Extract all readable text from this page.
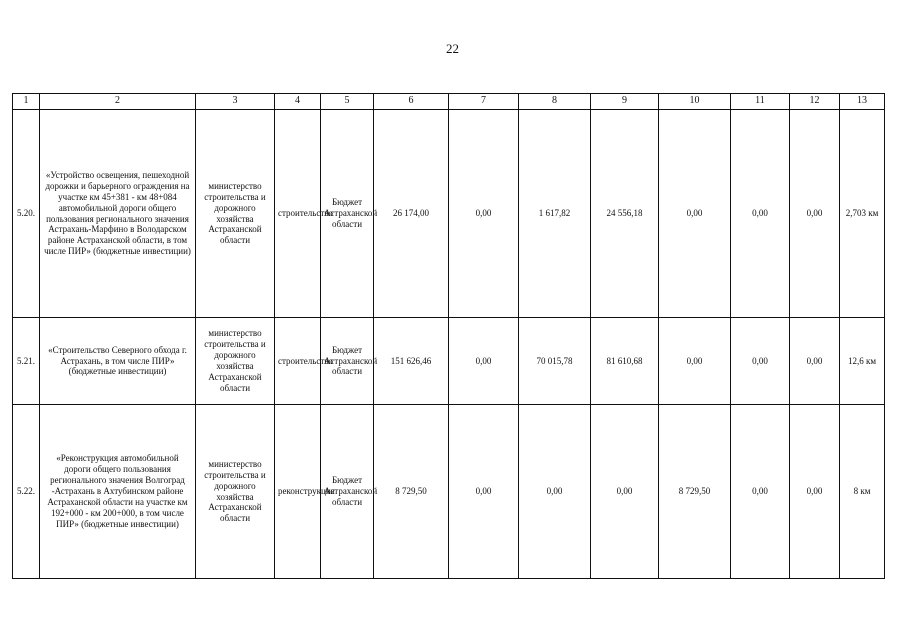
22
1	2	3	4	5	6	7	8	9	10	11	12	13
5.20.	«Устройство освещения, пешеходной дорожки и барьерного ограждения на участке км 45+381 - км 48+084 автомобильной дороги общего пользования регионального значения Астрахань-Марфино в Володарском районе Астраханской области, в том числе ПИР» (бюджетные инвестиции)	министерство строительства и дорожного хозяйства Астраханской области	строительство	Бюджет Астраханской области	26 174,00	0,00	1 617,82	24 556,18	0,00	0,00	0,00	2,703 км
5.21.	«Строительство Северного обхода г. Астрахань, в том числе ПИР» (бюджетные инвестиции)	министерство строительства и дорожного хозяйства Астраханской области	строительство	Бюджет Астраханской области	151 626,46	0,00	70 015,78	81 610,68	0,00	0,00	0,00	12,6 км
5.22.	«Реконструкция автомобильной дороги общего пользования регионального значения Волгоград -Астрахань в Ахтубинском районе Астраханской области на участке км 192+000 - км 200+000, в том числе ПИР» (бюджетные инвестиции)	министерство строительства и дорожного хозяйства Астраханской области	реконструкция	Бюджет Астраханской области	8 729,50	0,00	0,00	0,00	8 729,50	0,00	0,00	8 км
